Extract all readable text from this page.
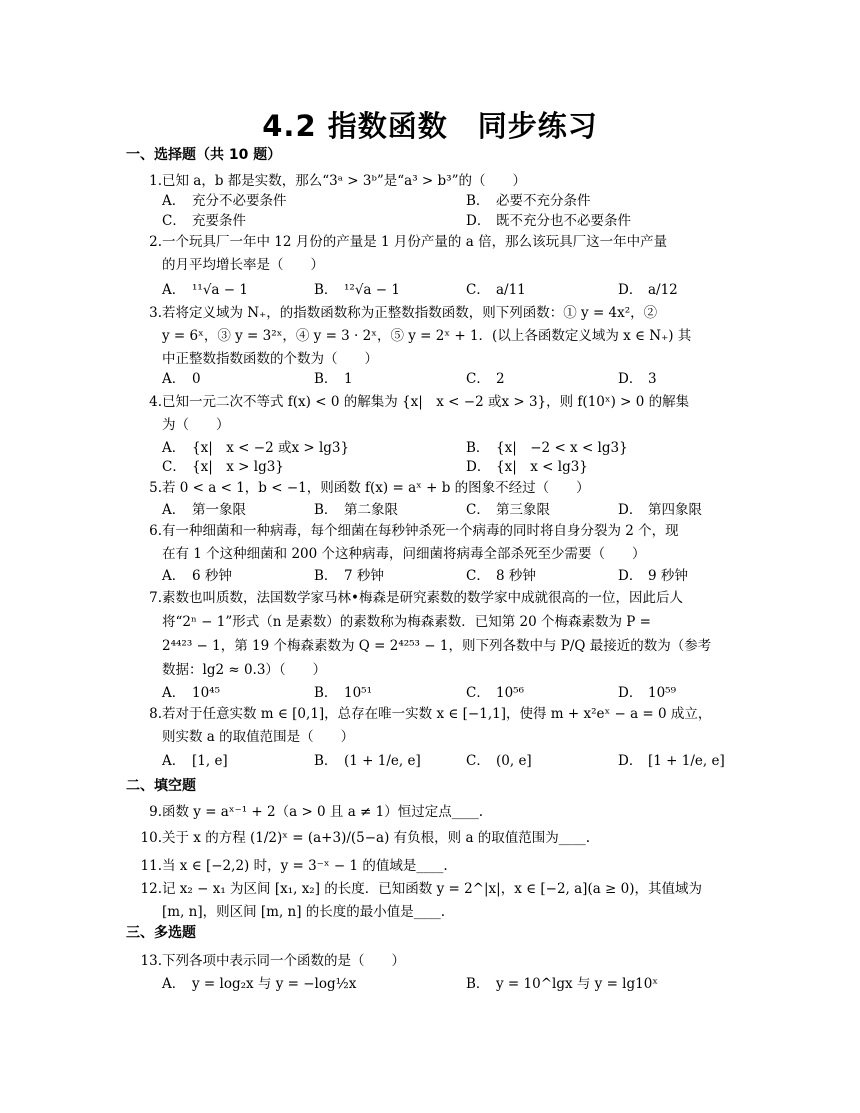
4.2 指数函数　同步练习
一、选择题（共 10 题）
二、填空题
三、多选题
1. 已知 a，b 都是实数，那么“3ᵃ > 3ᵇ”是“a³ > b³”的（　　）
A． 充分不必要条件	B． 必要不充分条件
C． 充要条件	D． 既不充分也不必要条件
2. 一个玩具厂一年中 12 月份的产量是 1 月份产量的 a 倍，那么该玩具厂这一年中产量
的月平均增长率是（　　）
A． ¹¹√a − 1	B． ¹²√a − 1	C． a/11	D． a/12
3. 若将定义域为 N₊，的指数函数称为正整数指数函数，则下列函数：① y = 4x²，②
y = 6ˣ，③ y = 3²ˣ，④ y = 3 · 2ˣ，⑤ y = 2ˣ + 1．(以上各函数定义域为 x ∈ N₊) 其
中正整数指数函数的个数为（　　）
A． 0	B． 1	C． 2	D． 3
4. 已知一元二次不等式 f(x) < 0 的解集为 {x|　x < −2 或x > 3}，则 f(10ˣ) > 0 的解集
为（　　）
A． {x|　x < −2 或x > lg3}	B． {x|　−2 < x < lg3}
C． {x|　x > lg3}	D． {x|　x < lg3}
5. 若 0 < a < 1，b < −1，则函数 f(x) = aˣ + b 的图象不经过（　　）
A． 第一象限	B． 第二象限	C． 第三象限	D． 第四象限
6. 有一种细菌和一种病毒，每个细菌在每秒钟杀死一个病毒的同时将自身分裂为 2 个，现
在有 1 个这种细菌和 200 个这种病毒，问细菌将病毒全部杀死至少需要（　　）
A． 6 秒钟	B． 7 秒钟	C． 8 秒钟	D． 9 秒钟
7. 素数也叫质数，法国数学家马林•梅森是研究素数的数学家中成就很高的一位，因此后人
将“2ⁿ − 1”形式（n 是素数）的素数称为梅森素数．已知第 20 个梅森素数为 P =
2⁴⁴²³ − 1，第 19 个梅森素数为 Q = 2⁴²⁵³ − 1，则下列各数中与 P/Q 最接近的数为（参考
数据：lg2 ≈ 0.3）（　　）
A． 10⁴⁵	B． 10⁵¹	C． 10⁵⁶	D． 10⁵⁹
8. 若对于任意实数 m ∈ [0,1]，总存在唯一实数 x ∈ [−1,1]，使得 m + x²eˣ − a = 0 成立，
则实数 a 的取值范围是（　　）
A． [1, e]	B． (1 + 1/e, e]	C． (0, e]	D． [1 + 1/e, e]
9. 函数 y = aˣ⁻¹ + 2（a > 0 且 a ≠ 1）恒过定点____.
10. 关于 x 的方程 (1/2)ˣ = (a+3)/(5−a) 有负根，则 a 的取值范围为____.
11. 当 x ∈ [−2,2) 时，y = 3⁻ˣ − 1 的值域是____.
12. 记 x₂ − x₁ 为区间 [x₁, x₂] 的长度．已知函数 y = 2^|x|，x ∈ [−2, a](a ≥ 0)，其值域为
[m, n]，则区间 [m, n] 的长度的最小值是____.
13. 下列各项中表示同一个函数的是（　　）
A． y = log₂x 与 y = −log½x	B． y = 10^lgx 与 y = lg10ˣ
